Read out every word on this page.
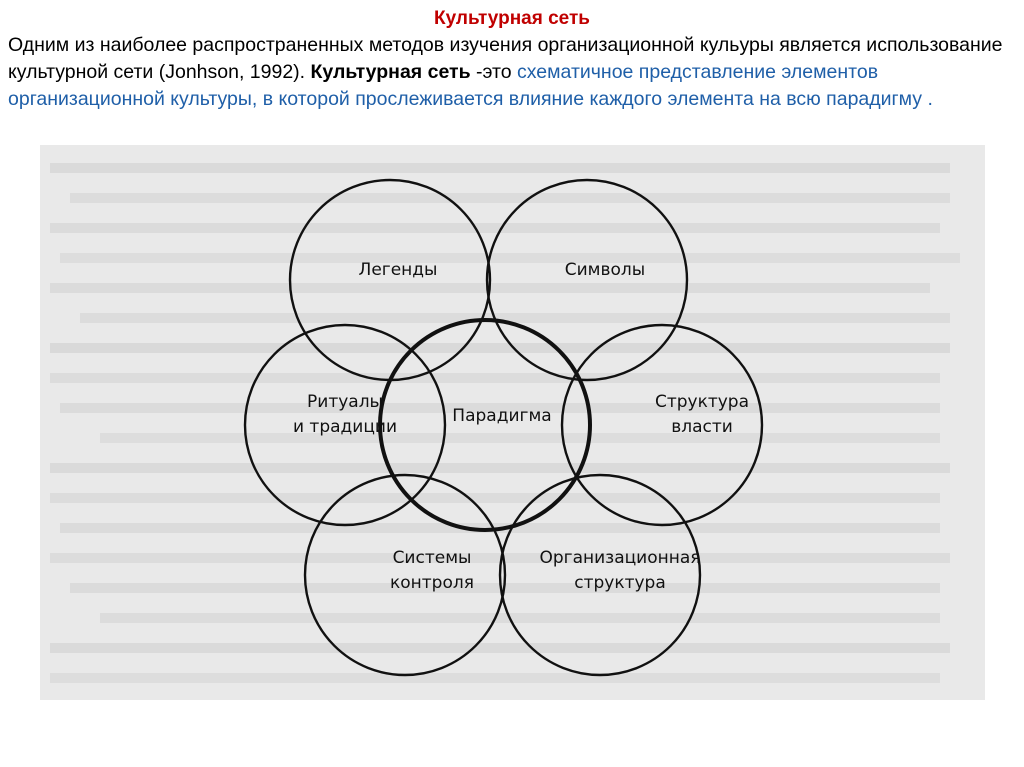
Культурная сеть
Одним из наиболее распространенных методов изучения организационной кульуры является использование культурной сети (Jonhson, 1992). Культурная сеть -это схематичное представление элементов организационной культуры, в которой прослеживается влияние каждого элемента на всю парадигму .
Легенды	Символы
Ритуалы
и традиции
Парадигма
Структура
власти
Системы
контроля
Организационная
структура
